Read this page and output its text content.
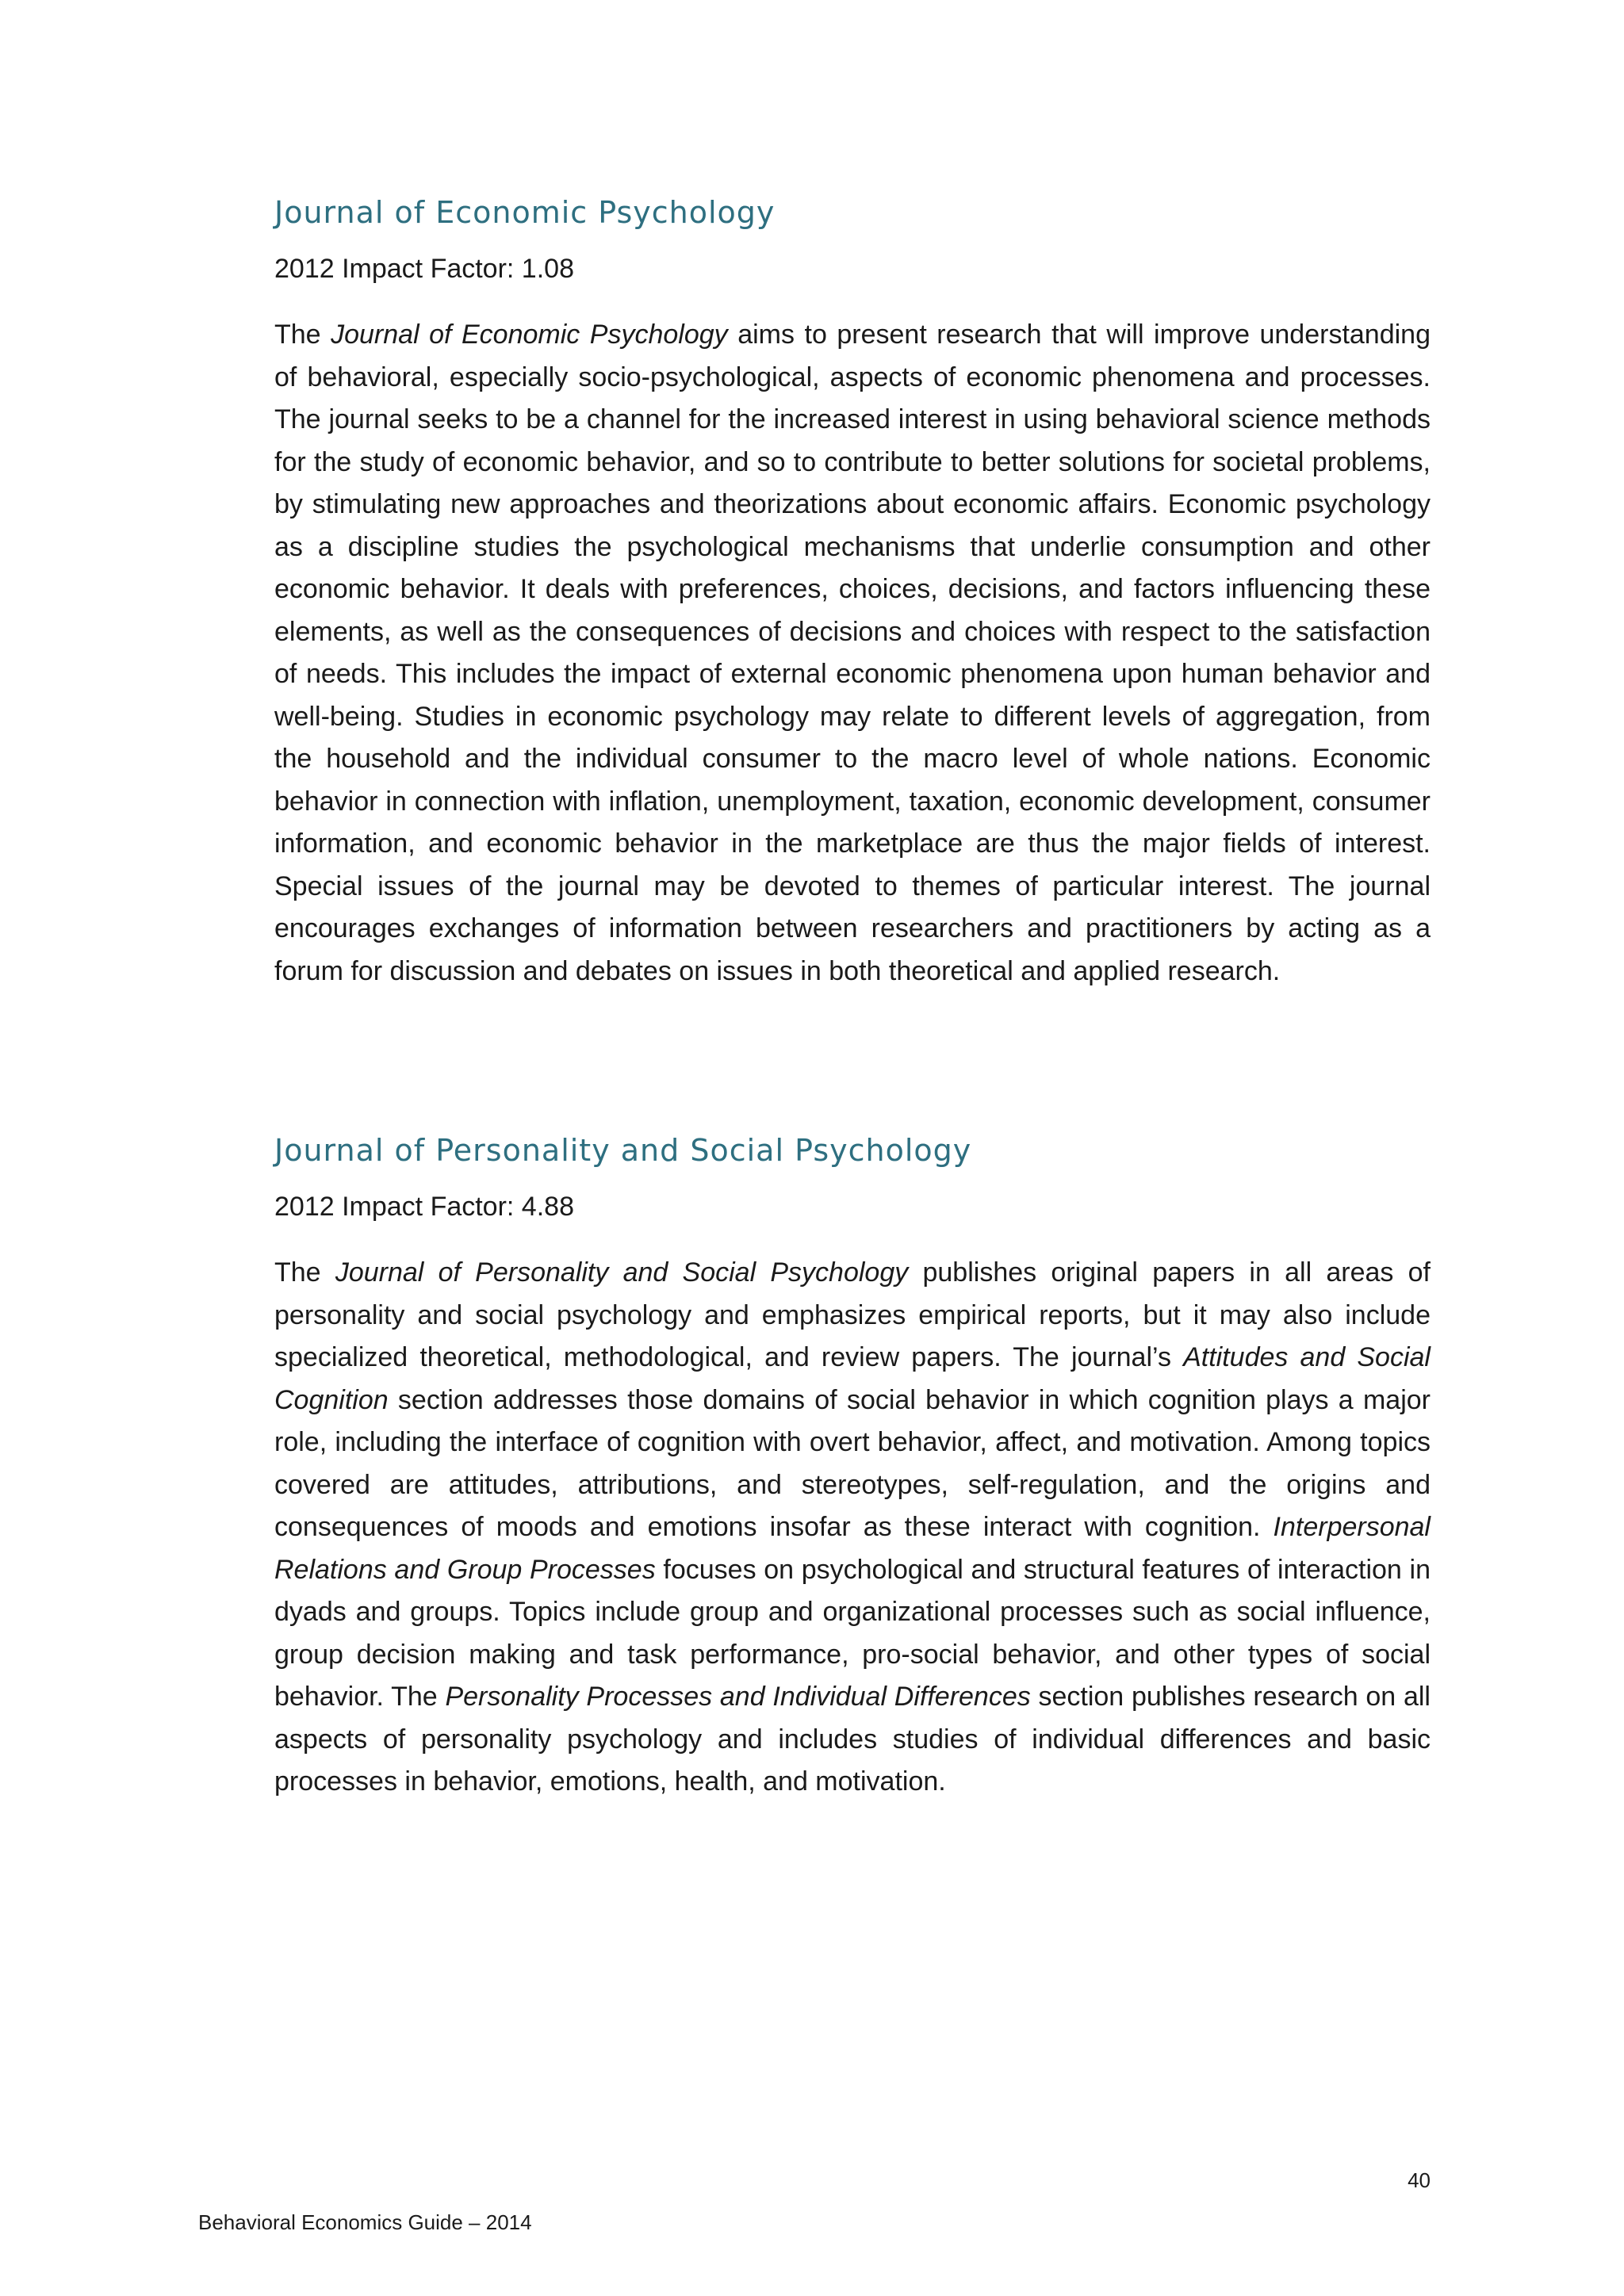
Journal of Economic Psychology

2012 Impact Factor: 1.08

The Journal of Economic Psychology aims to present research that will improve understanding of behavioral, especially socio-psychological, aspects of economic phenomena and processes. The journal seeks to be a channel for the increased interest in using behavioral science methods for the study of economic behavior, and so to contribute to better solutions for societal problems, by stimulating new approaches and theorizations about economic affairs. Economic psychology as a discipline studies the psychological mechanisms that underlie consumption and other economic behavior. It deals with preferences, choices, decisions, and factors influencing these elements, as well as the consequences of decisions and choices with respect to the satisfaction of needs. This includes the impact of external economic phenomena upon human behavior and well-being. Studies in economic psychology may relate to different levels of aggregation, from the household and the individual consumer to the macro level of whole nations. Economic behavior in connection with inflation, unemployment, taxation, economic development, consumer information, and economic behavior in the marketplace are thus the major fields of interest. Special issues of the journal may be devoted to themes of particular interest. The journal encourages exchanges of information between researchers and practitioners by acting as a forum for discussion and debates on issues in both theoretical and applied research.

Journal of Personality and Social Psychology

2012 Impact Factor: 4.88

The Journal of Personality and Social Psychology publishes original papers in all areas of personality and social psychology and emphasizes empirical reports, but it may also include specialized theoretical, methodological, and review papers. The journal’s Attitudes and Social Cognition section addresses those domains of social behavior in which cognition plays a major role, including the interface of cognition with overt behavior, affect, and motivation. Among topics covered are attitudes, attributions, and stereotypes, self-regulation, and the origins and consequences of moods and emotions insofar as these interact with cognition. Interpersonal Relations and Group Processes focuses on psychological and structural features of interaction in dyads and groups. Topics include group and organizational processes such as social influence, group decision making and task performance, pro-social behavior, and other types of social behavior. The Personality Processes and Individual Differences section publishes research on all aspects of personality psychology and includes studies of individual differences and basic processes in behavior, emotions, health, and motivation.

40
Behavioral Economics Guide – 2014
